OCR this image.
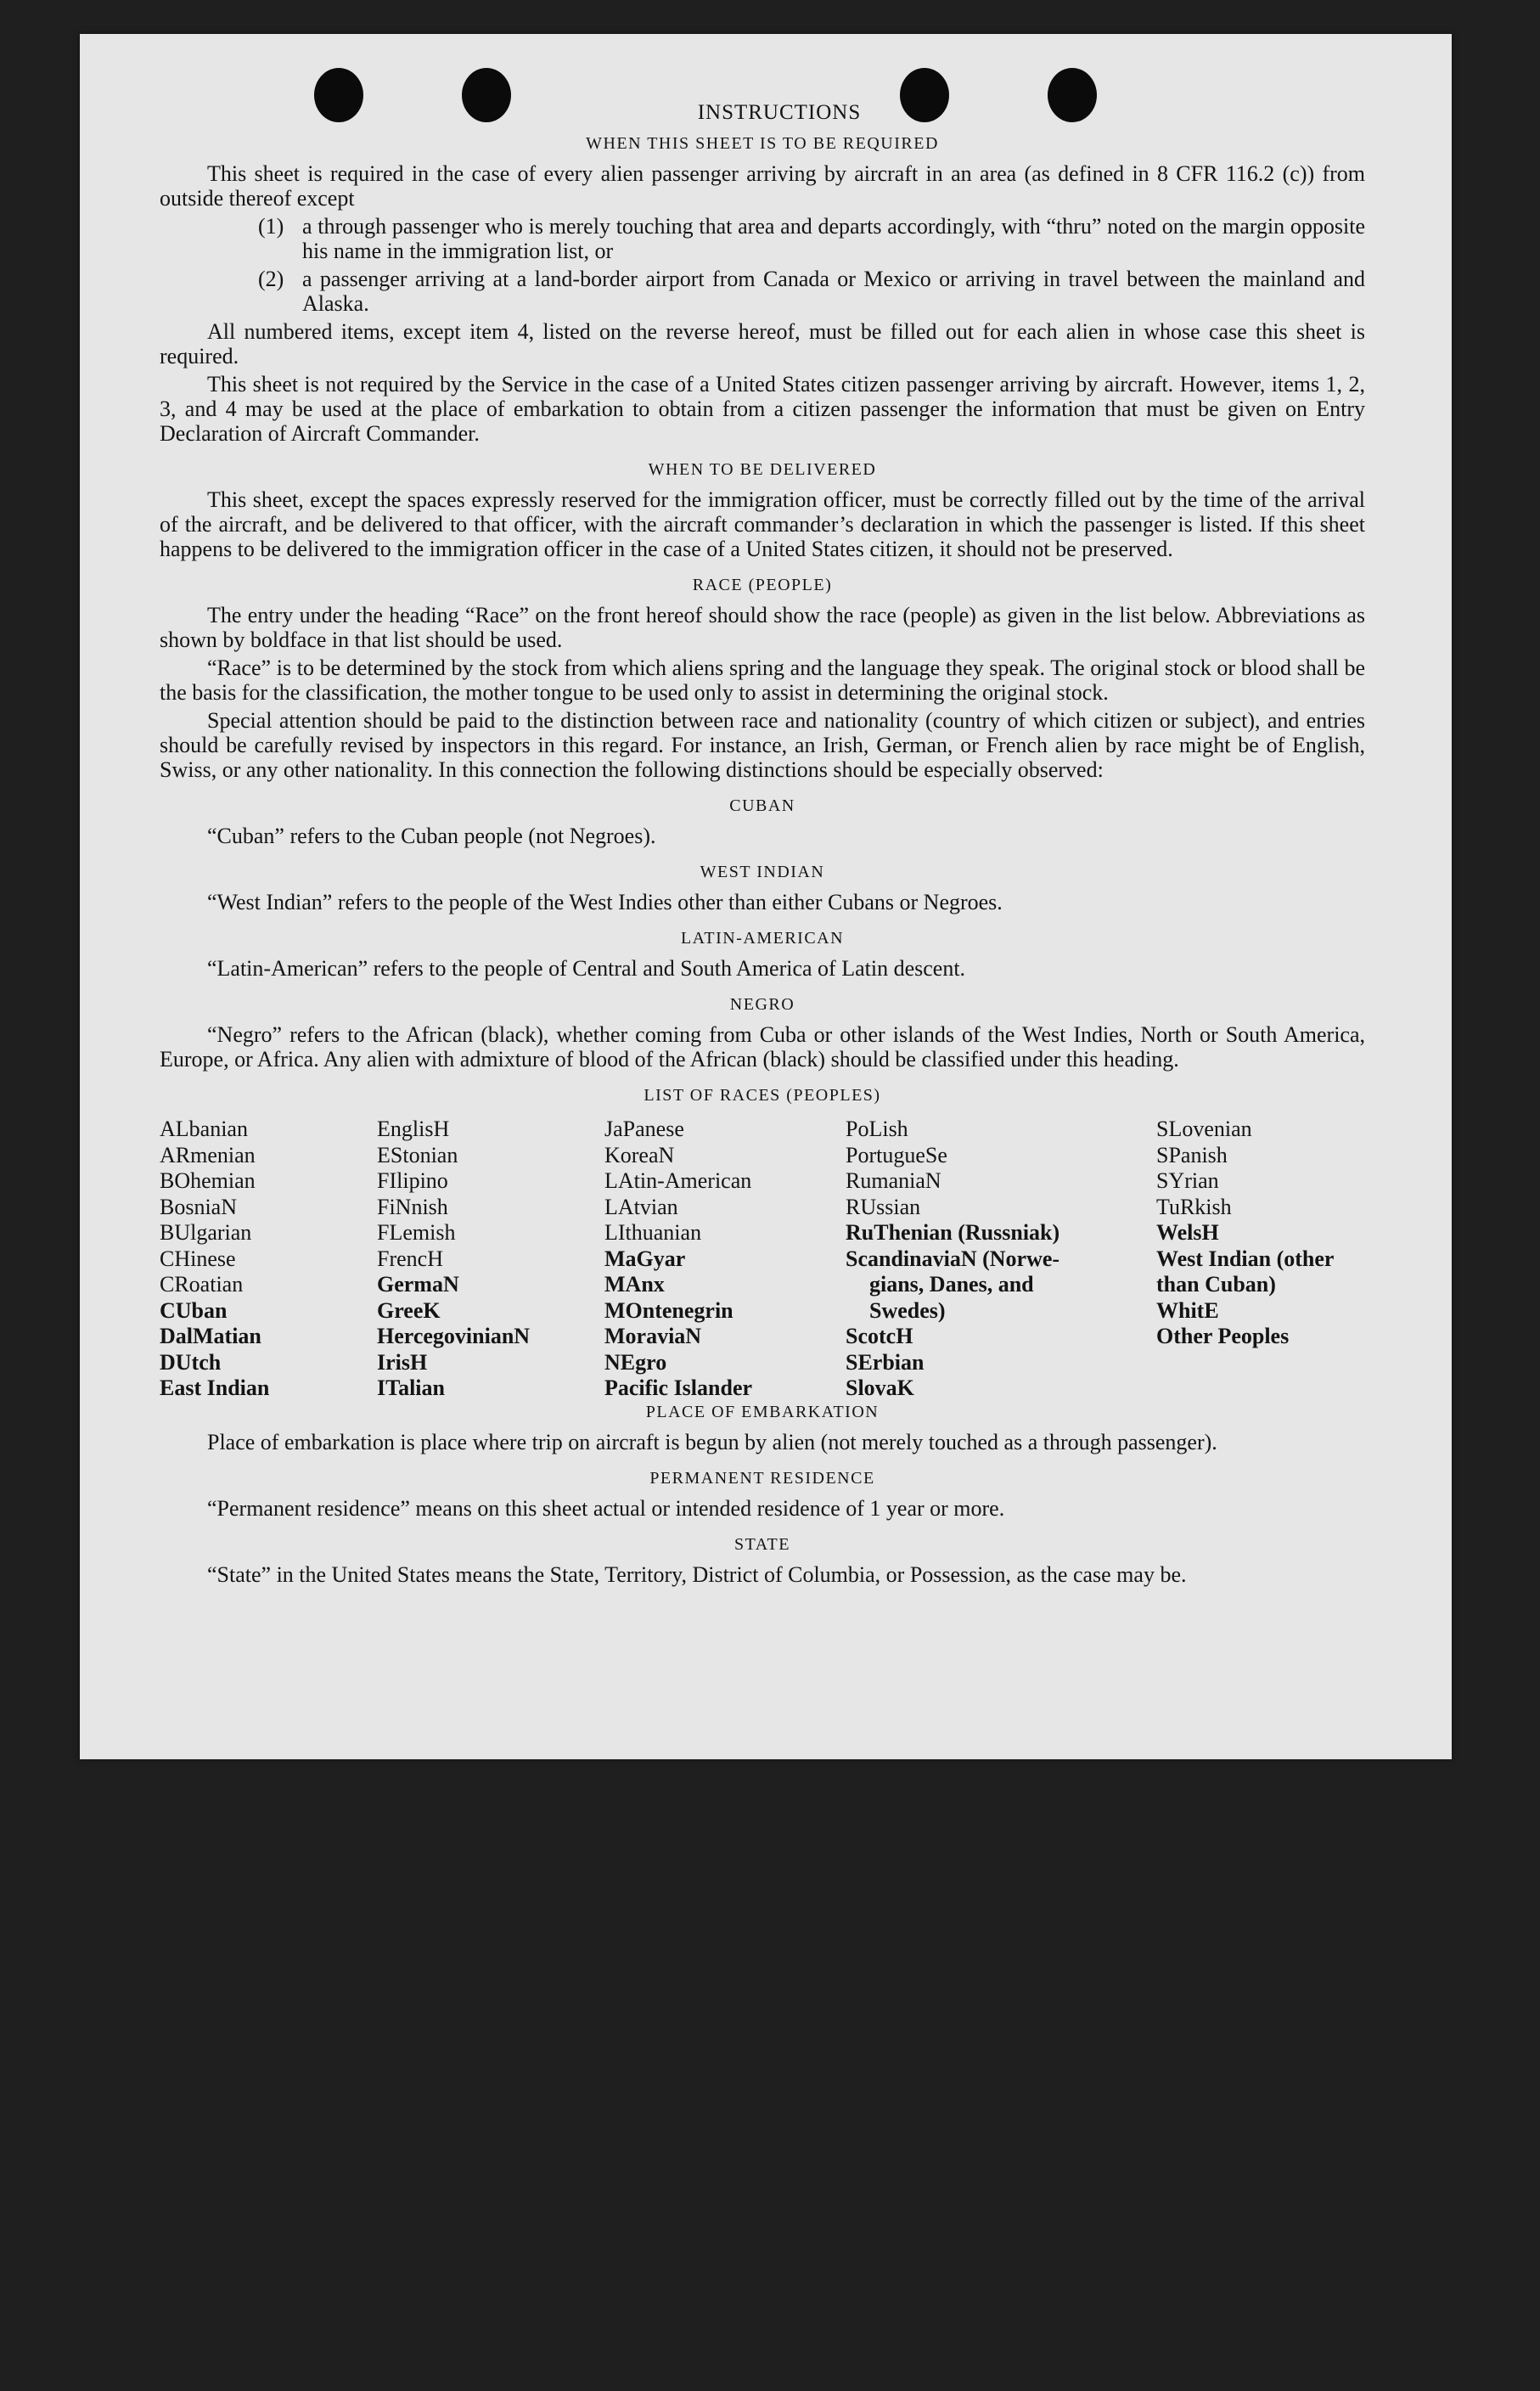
INSTRUCTIONS
WHEN THIS SHEET IS TO BE REQUIRED
This sheet is required in the case of every alien passenger arriving by aircraft in an area (as defined in 8 CFR 116.2 (c)) from outside thereof except
(1) a through passenger who is merely touching that area and departs accordingly, with “thru” noted on the margin opposite his name in the immigration list, or
(2) a passenger arriving at a land-border airport from Canada or Mexico or arriving in travel between the mainland and Alaska.
All numbered items, except item 4, listed on the reverse hereof, must be filled out for each alien in whose case this sheet is required.
This sheet is not required by the Service in the case of a United States citizen passenger arriving by aircraft. However, items 1, 2, 3, and 4 may be used at the place of embarkation to obtain from a citizen passenger the information that must be given on Entry Declaration of Aircraft Commander.
WHEN TO BE DELIVERED
This sheet, except the spaces expressly reserved for the immigration officer, must be correctly filled out by the time of the arrival of the aircraft, and be delivered to that officer, with the aircraft commander’s declaration in which the passenger is listed. If this sheet happens to be delivered to the immigration officer in the case of a United States citizen, it should not be preserved.
RACE (PEOPLE)
The entry under the heading “Race” on the front hereof should show the race (people) as given in the list below. Abbreviations as shown by boldface in that list should be used.
“Race” is to be determined by the stock from which aliens spring and the language they speak. The original stock or blood shall be the basis for the classification, the mother tongue to be used only to assist in determining the original stock.
Special attention should be paid to the distinction between race and nationality (country of which citizen or subject), and entries should be carefully revised by inspectors in this regard. For instance, an Irish, German, or French alien by race might be of English, Swiss, or any other nationality. In this connection the following distinctions should be especially observed:
CUBAN
“Cuban” refers to the Cuban people (not Negroes).
WEST INDIAN
“West Indian” refers to the people of the West Indies other than either Cubans or Negroes.
LATIN-AMERICAN
“Latin-American” refers to the people of Central and South America of Latin descent.
NEGRO
“Negro” refers to the African (black), whether coming from Cuba or other islands of the West Indies, North or South America, Europe, or Africa. Any alien with admixture of blood of the African (black) should be classified under this heading.
LIST OF RACES (PEOPLES)
ALbanian
ARmenian
BOhemian
BosniaN
BUlgarian
CHinese
CRoatian
CUban
DalMatian
DUtch
East Indian
EnglisH
EStonian
FIlipino
FiNnish
FLemish
FrencH
GermaN
GreeK
HercegovinianN
IrisH
ITalian
JaPanese
KoreaN
LAtin-American
LAtvian
LIthuanian
MaGyar
MAnx
MOntenegrin
MoraviaN
NEgro
Pacific Islander
PoLish
PortugueSe
RumaniaN
RUssian
RuThenian (Russniak)
ScandinaviaN (Norwe-
gians, Danes, and
Swedes)
ScotcH
SErbian
SlovaK
SLovenian
SPanish
SYrian
TuRkish
WelsH
West Indian (other
than Cuban)
WhitE
Other Peoples
PLACE OF EMBARKATION
Place of embarkation is place where trip on aircraft is begun by alien (not merely touched as a through passenger).
PERMANENT RESIDENCE
“Permanent residence” means on this sheet actual or intended residence of 1 year or more.
STATE
“State” in the United States means the State, Territory, District of Columbia, or Possession, as the case may be.
